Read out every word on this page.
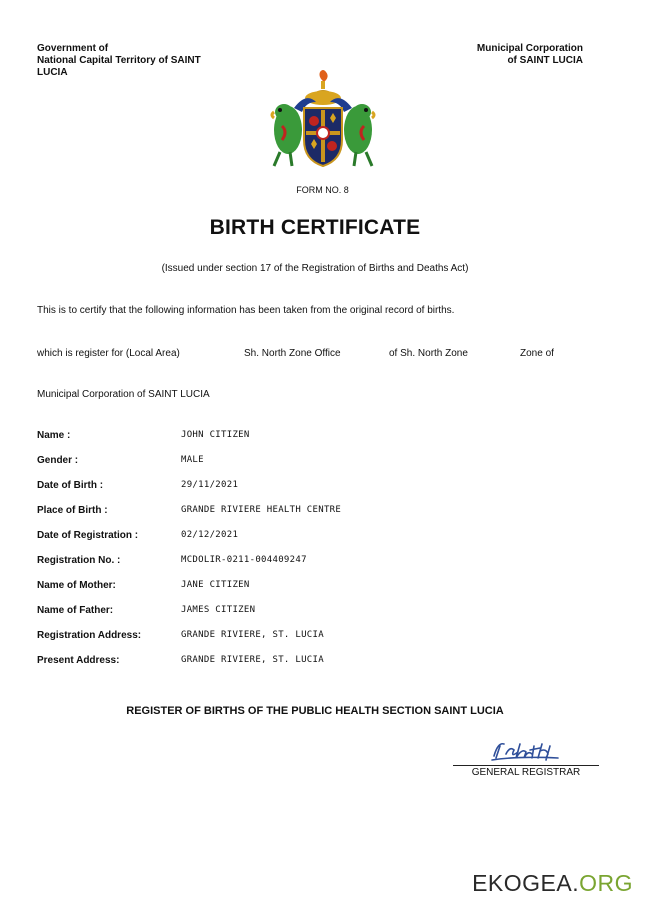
Government of
National Capital Territory of SAINT
LUCIA
Municipal Corporation
of SAINT LUCIA
FORM NO. 8
BIRTH CERTIFICATE
(Issued under section 17 of the Registration of Births and Deaths Act)
This is to certify that the following information has been taken from the original record of births.
which is register for (Local Area)	Sh. North Zone Office	of Sh. North Zone	Zone of
Municipal Corporation of SAINT LUCIA
Name :	JOHN CITIZEN
Gender :	MALE
Date of Birth :	29/11/2021
Place of Birth :	GRANDE RIVIERE HEALTH CENTRE
Date of Registration :	02/12/2021
Registration No. :	MCDOLIR-0211-004409247
Name of Mother:	JANE CITIZEN
Name of Father:	JAMES CITIZEN
Registration Address:	GRANDE RIVIERE, ST. LUCIA
Present Address:	GRANDE RIVIERE, ST. LUCIA
REGISTER OF BIRTHS OF THE PUBLIC HEALTH SECTION SAINT LUCIA
GENERAL REGISTRAR
EKOGEA.ORG
